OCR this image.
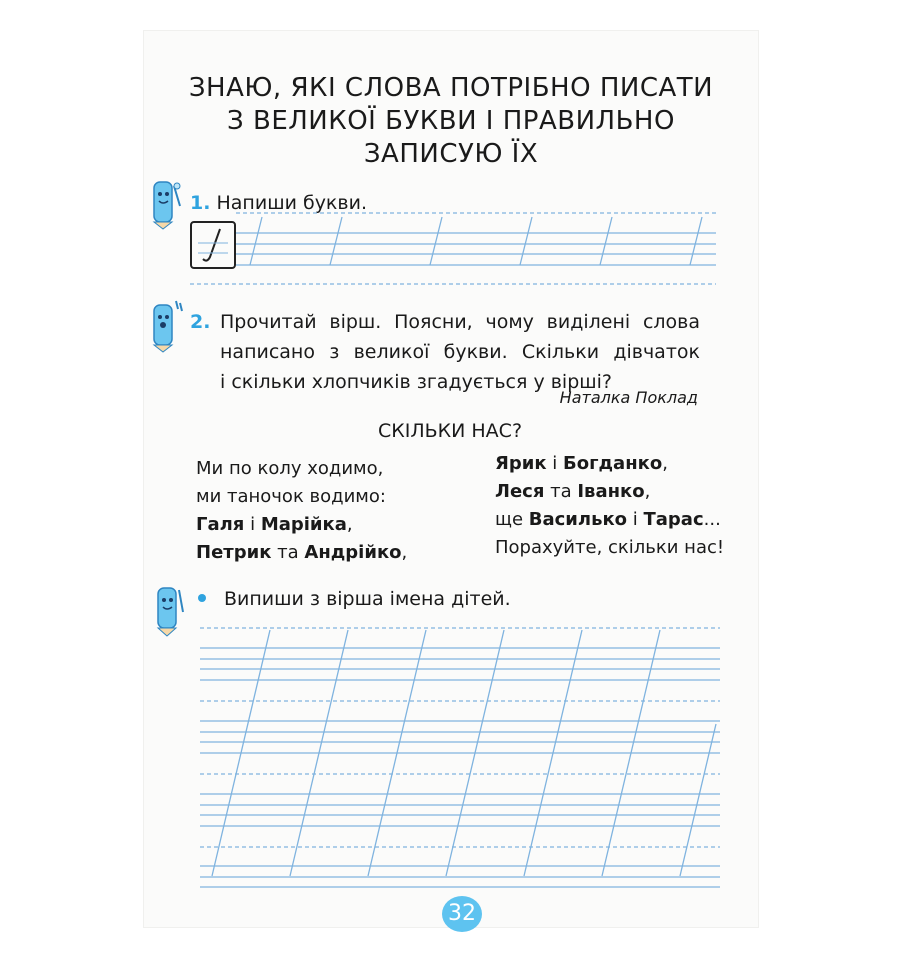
ЗНАЮ, ЯКІ СЛОВА ПОТРІБНО ПИСАТИ
З ВЕЛИКОЇ БУКВИ І ПРАВИЛЬНО
ЗАПИСУЮ ЇХ
1. Напиши букви.
2. Прочитай вірш. Поясни, чому виділені слова
написано з великої букви. Скільки дівчаток
і скільки хлопчиків згадується у вірші?
Наталка Поклад
СКІЛЬКИ НАС?
Ми по колу ходимо,
ми таночок водимо:
Галя і Марійка,
Петрик та Андрійко,
Ярик і Богданко,
Леся та Іванко,
ще Василько і Тарас...
Порахуйте, скільки нас!
Випиши з вірша імена дітей.
32
